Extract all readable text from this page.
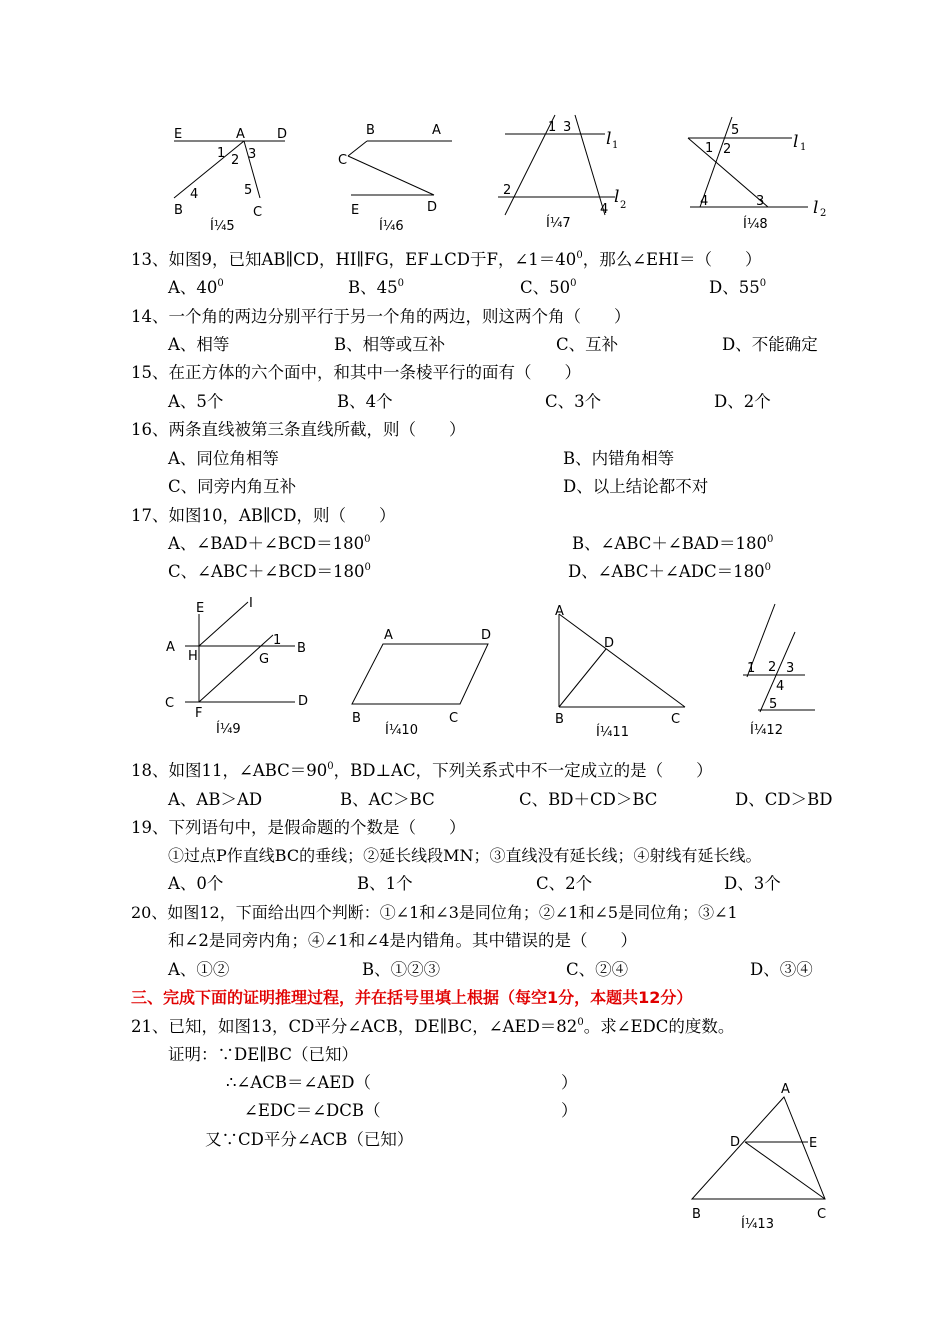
E	A D
1 2 3
4	5
B	C
Í¼5
B	A
C
E	D
Í¼6
1 3
l 1
2
4
l 2
Í¼7
5
1 2	l 1
4	3	l 2
Í¼8
13、如图9，已知AB∥CD，HI∥FG，EF⊥CD于F，$\angle 1=40^0$，那么∠EHI＝（　　）
A、$40^0$	B、$45^0$	C、$50^0$	D、$55^0$
14、一个角的两边分别平行于另一个角的两边，则这两个角（　　）
A、相等	B、相等或互补	C、互补	D、不能确定
15、在正方体的六个面中，和其中一条棱平行的面有（　　）
A、5个	B、4个	C、3个	D、2个
16、两条直线被第三条直线所截，则（　　）
A、同位角相等	B、内错角相等
C、同旁内角互补	D、以上结论都不对
17、如图10，AB∥CD，则（　　）
A、$\angle BAD+\angle BCD=180^0$	B、$\angle ABC+\angle BAD=180^0$
C、$\angle ABC+\angle BCD=180^0$	D、$\angle ABC+\angle ADC=180^0$
E	I
A
H
1
G
B
C
F
D
Í¼9
A	D
B	C
Í¼10
A
D
B	C
Í¼11
1 2 3
4
5
Í¼12
18、如图11，$\angle ABC=90^0$，BD⊥AC，下列关系式中不一定成立的是（　　）
A、AB＞AD	B、AC＞BC	C、BD＋CD＞BC	D、CD＞BD
19、下列语句中，是假命题的个数是（　　）
①过点P作直线BC的垂线；②延长线段MN；③直线没有延长线；④射线有延长线。
A、0个	B、1个	C、2个	D、3个
20、如图12，下面给出四个判断：①∠1和∠3是同位角；②∠1和∠5是同位角；③∠1
和∠2是同旁内角；④∠1和∠4是内错角。其中错误的是（　　）
A、①②	B、①②③	C、②④	D、③④
三、完成下面的证明推理过程，并在括号里填上根据（每空1分，本题共12分）
21、已知，如图13，CD平分∠ACB，DE∥BC，$\angle AED=82^0$。求∠EDC的度数。
证明：∵DE∥BC（已知）
∴∠ACB＝∠AED（	）
∠EDC＝∠DCB（	）
又∵CD平分∠ACB（已知）
A
D	E
B	C
Í¼13
